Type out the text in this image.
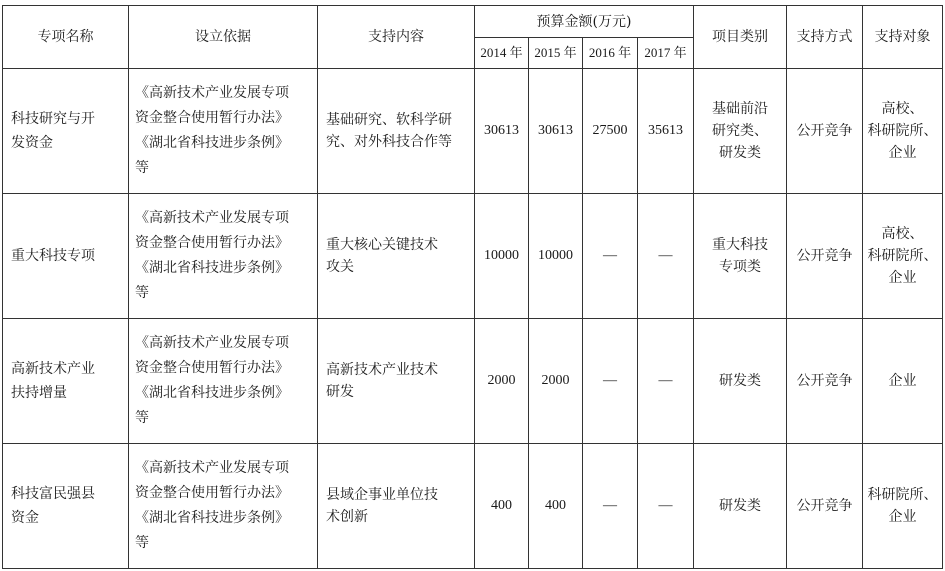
专项名称	设立依据	支持内容	预算金额(万元)				项目类别	支持方式	支持对象
			2014 年	2015 年	2016 年	2017 年			

科技研究与开
发资金	《高新技术产业发展专项
资金整合使用暂行办法》
《湖北省科技进步条例》
等	基础研究、软科学研
究、对外科技合作等	30613	30613	27500	35613	基础前沿
研究类、
研发类	公开竞争	高校、
科研院所、
企业

重大科技专项	《高新技术产业发展专项
资金整合使用暂行办法》
《湖北省科技进步条例》
等	重大核心关键技术
攻关	10000	10000	—	—	重大科技
专项类	公开竞争	高校、
科研院所、
企业

高新技术产业
扶持增量	《高新技术产业发展专项
资金整合使用暂行办法》
《湖北省科技进步条例》
等	高新技术产业技术
研发	2000	2000	—	—	研发类	公开竞争	企业

科技富民强县
资金	《高新技术产业发展专项
资金整合使用暂行办法》
《湖北省科技进步条例》
等	县域企事业单位技
术创新	400	400	—	—	研发类	公开竞争	科研院所、
企业
